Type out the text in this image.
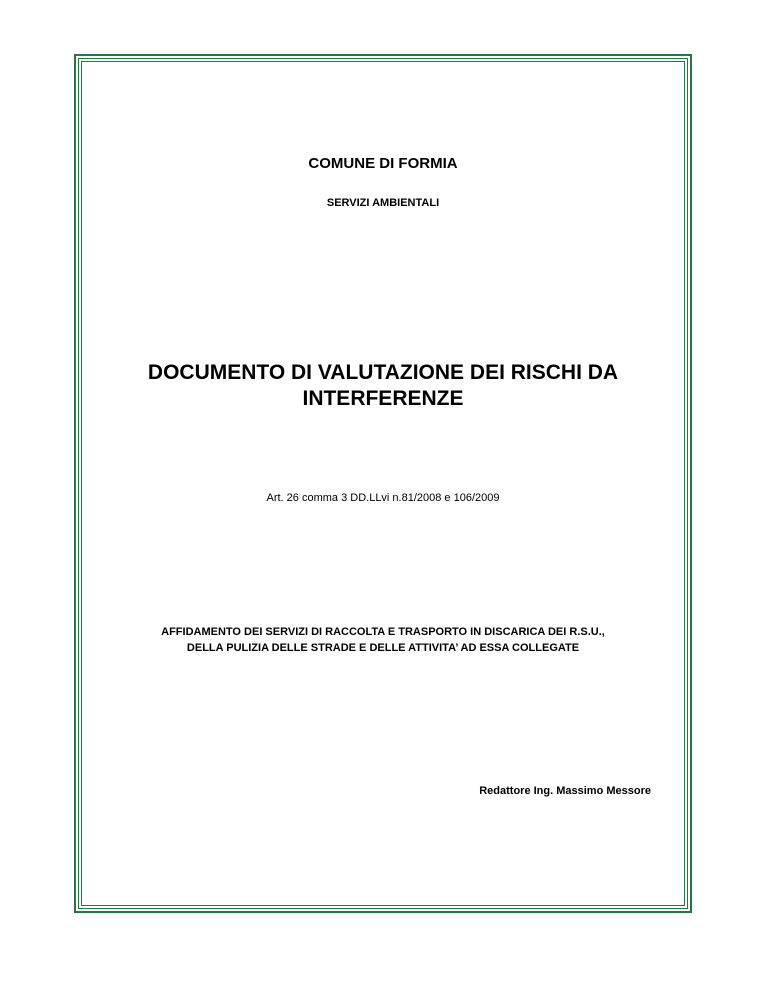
COMUNE DI FORMIA
SERVIZI AMBIENTALI
DOCUMENTO DI VALUTAZIONE DEI RISCHI DA
INTERFERENZE
Art. 26 comma 3 DD.LLvi n.81/2008 e 106/2009
AFFIDAMENTO DEI SERVIZI DI RACCOLTA E TRASPORTO IN DISCARICA DEI R.S.U.,
DELLA PULIZIA DELLE STRADE E DELLE ATTIVITA’ AD ESSA COLLEGATE
Redattore Ing. Massimo Messore
